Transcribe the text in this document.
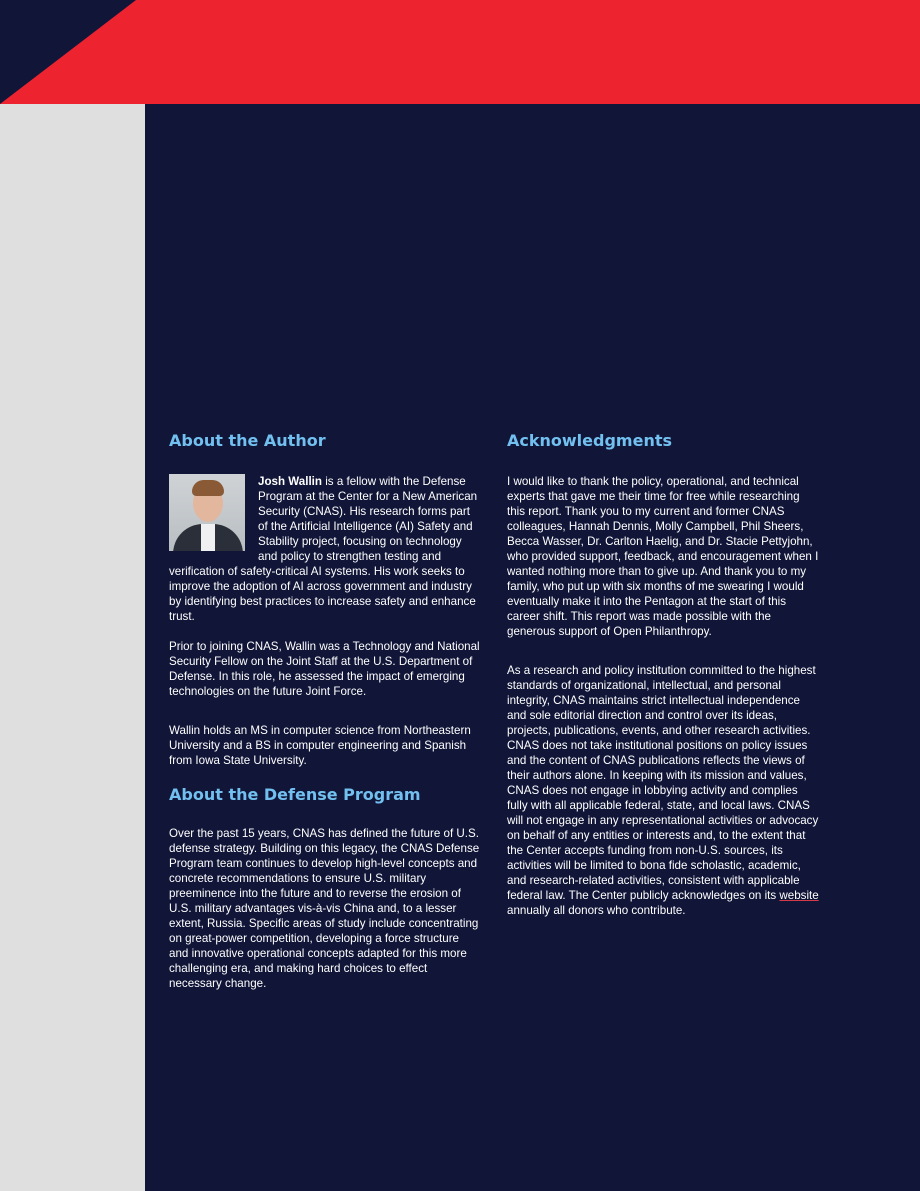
About the Author

Josh Wallin is a fellow with the Defense Program at the Center for a New American Security (CNAS). His research forms part of the Artificial Intelligence (AI) Safety and Stability project, focusing on technology and policy to strengthen testing and verification of safety-critical AI systems. His work seeks to improve the adoption of AI across government and industry by identifying best practices to increase safety and enhance trust.

Prior to joining CNAS, Wallin was a Technology and National Security Fellow on the Joint Staff at the U.S. Department of Defense. In this role, he assessed the impact of emerging technologies on the future Joint Force.

Wallin holds an MS in computer science from Northeastern University and a BS in computer engineering and Spanish from Iowa State University.

About the Defense Program

Over the past 15 years, CNAS has defined the future of U.S. defense strategy. Building on this legacy, the CNAS Defense Program team continues to develop high-level concepts and concrete recommendations to ensure U.S. military preeminence into the future and to reverse the erosion of U.S. military advantages vis-à-vis China and, to a lesser extent, Russia. Specific areas of study include concentrating on great-power competition, developing a force structure and innovative operational concepts adapted for this more challenging era, and making hard choices to effect necessary change.

Acknowledgments

I would like to thank the policy, operational, and technical experts that gave me their time for free while researching this report. Thank you to my current and former CNAS colleagues, Hannah Dennis, Molly Campbell, Phil Sheers, Becca Wasser, Dr. Carlton Haelig, and Dr. Stacie Pettyjohn, who provided support, feedback, and encouragement when I wanted nothing more than to give up. And thank you to my family, who put up with six months of me swearing I would eventually make it into the Pentagon at the start of this career shift. This report was made possible with the generous support of Open Philanthropy.

As a research and policy institution committed to the highest standards of organizational, intellectual, and personal integrity, CNAS maintains strict intellectual independence and sole editorial direction and control over its ideas, projects, publications, events, and other research activities. CNAS does not take institutional positions on policy issues and the content of CNAS publications reflects the views of their authors alone. In keeping with its mission and values, CNAS does not engage in lobbying activity and complies fully with all applicable federal, state, and local laws. CNAS will not engage in any representational activities or advocacy on behalf of any entities or interests and, to the extent that the Center accepts funding from non-U.S. sources, its activities will be limited to bona fide scholastic, academic, and research-related activities, consistent with applicable federal law. The Center publicly acknowledges on its website annually all donors who contribute.
